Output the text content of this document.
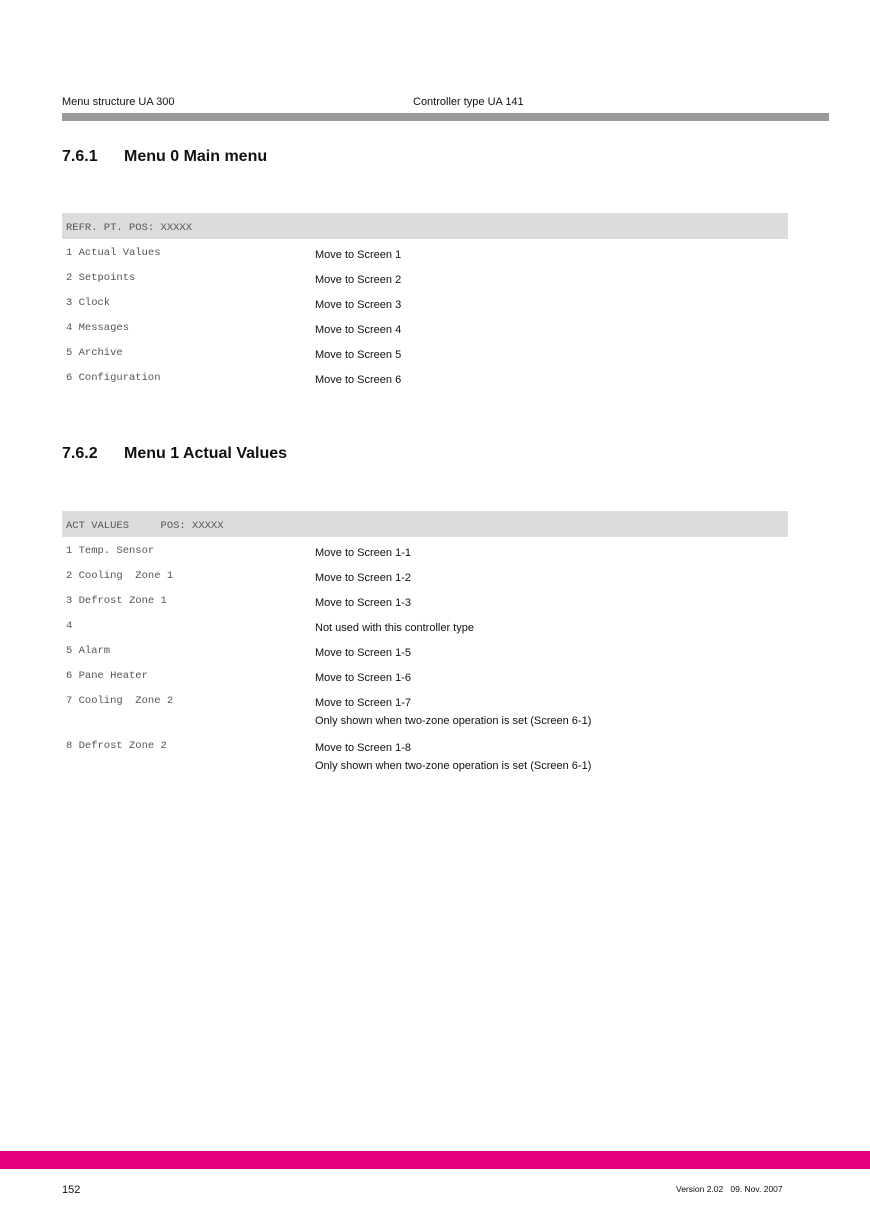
Menu structure UA 300	Controller type UA 141
7.6.1 Menu 0 Main menu
REFR. PT. POS: XXXXX
1 Actual Values	Move to Screen 1
2 Setpoints	Move to Screen 2
3 Clock	Move to Screen 3
4 Messages	Move to Screen 4
5 Archive	Move to Screen 5
6 Configuration	Move to Screen 6
7.6.2 Menu 1 Actual Values
ACT VALUES     POS: XXXXX
1 Temp. Sensor	Move to Screen 1-1
2 Cooling  Zone 1	Move to Screen 1-2
3 Defrost Zone 1	Move to Screen 1-3
4	Not used with this controller type
5 Alarm	Move to Screen 1-5
6 Pane Heater	Move to Screen 1-6
7 Cooling  Zone 2	Move to Screen 1-7
Only shown when two-zone operation is set (Screen 6-1)
8 Defrost Zone 2	Move to Screen 1-8
Only shown when two-zone operation is set (Screen 6-1)
152	Version 2.02   09. Nov. 2007
